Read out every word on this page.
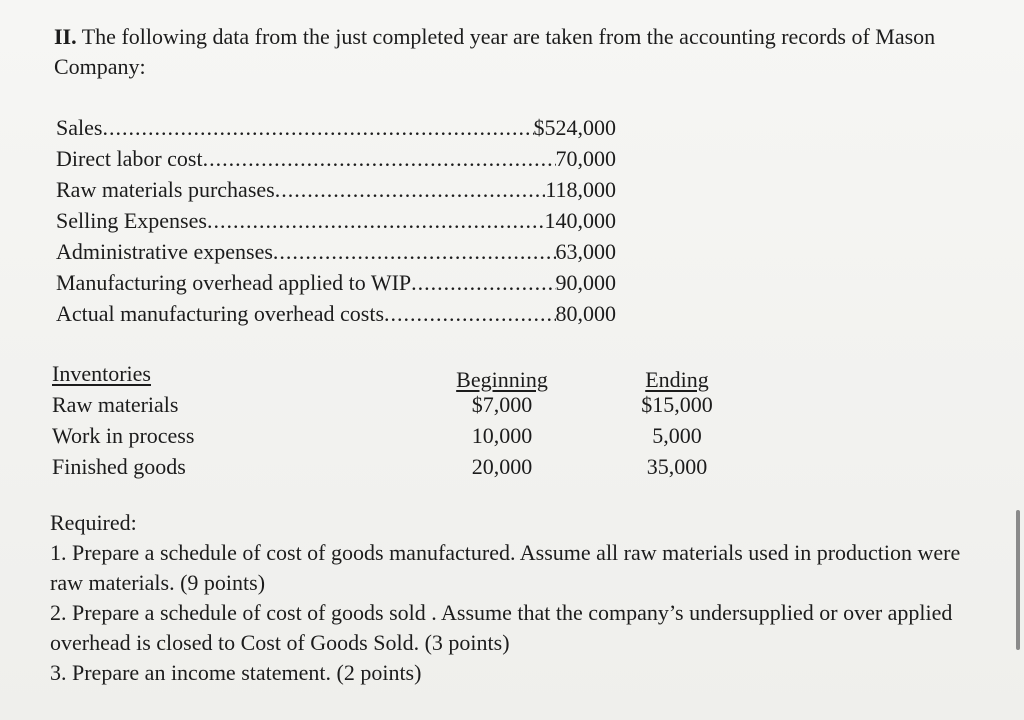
II. The following data from the just completed year are taken from the accounting records of Mason Company:
Sales .....	$524,000
Direct labor cost .....	70,000
Raw materials purchases .....	118,000
Selling Expenses .....	140,000
Administrative expenses .....	63,000
Manufacturing overhead applied to WIP .....	90,000
Actual manufacturing overhead costs .....	80,000
Inventories	Beginning	Ending
Raw materials	$7,000	$15,000
Work in process	10,000	5,000
Finished goods	20,000	35,000

Required:

1. Prepare a schedule of cost of goods manufactured. Assume all raw materials used in production were raw materials. (9 points)

2. Prepare a schedule of cost of goods sold . Assume that the company’s undersupplied or over applied overhead is closed to Cost of Goods Sold. (3 points)

3. Prepare an income statement. (2 points)
